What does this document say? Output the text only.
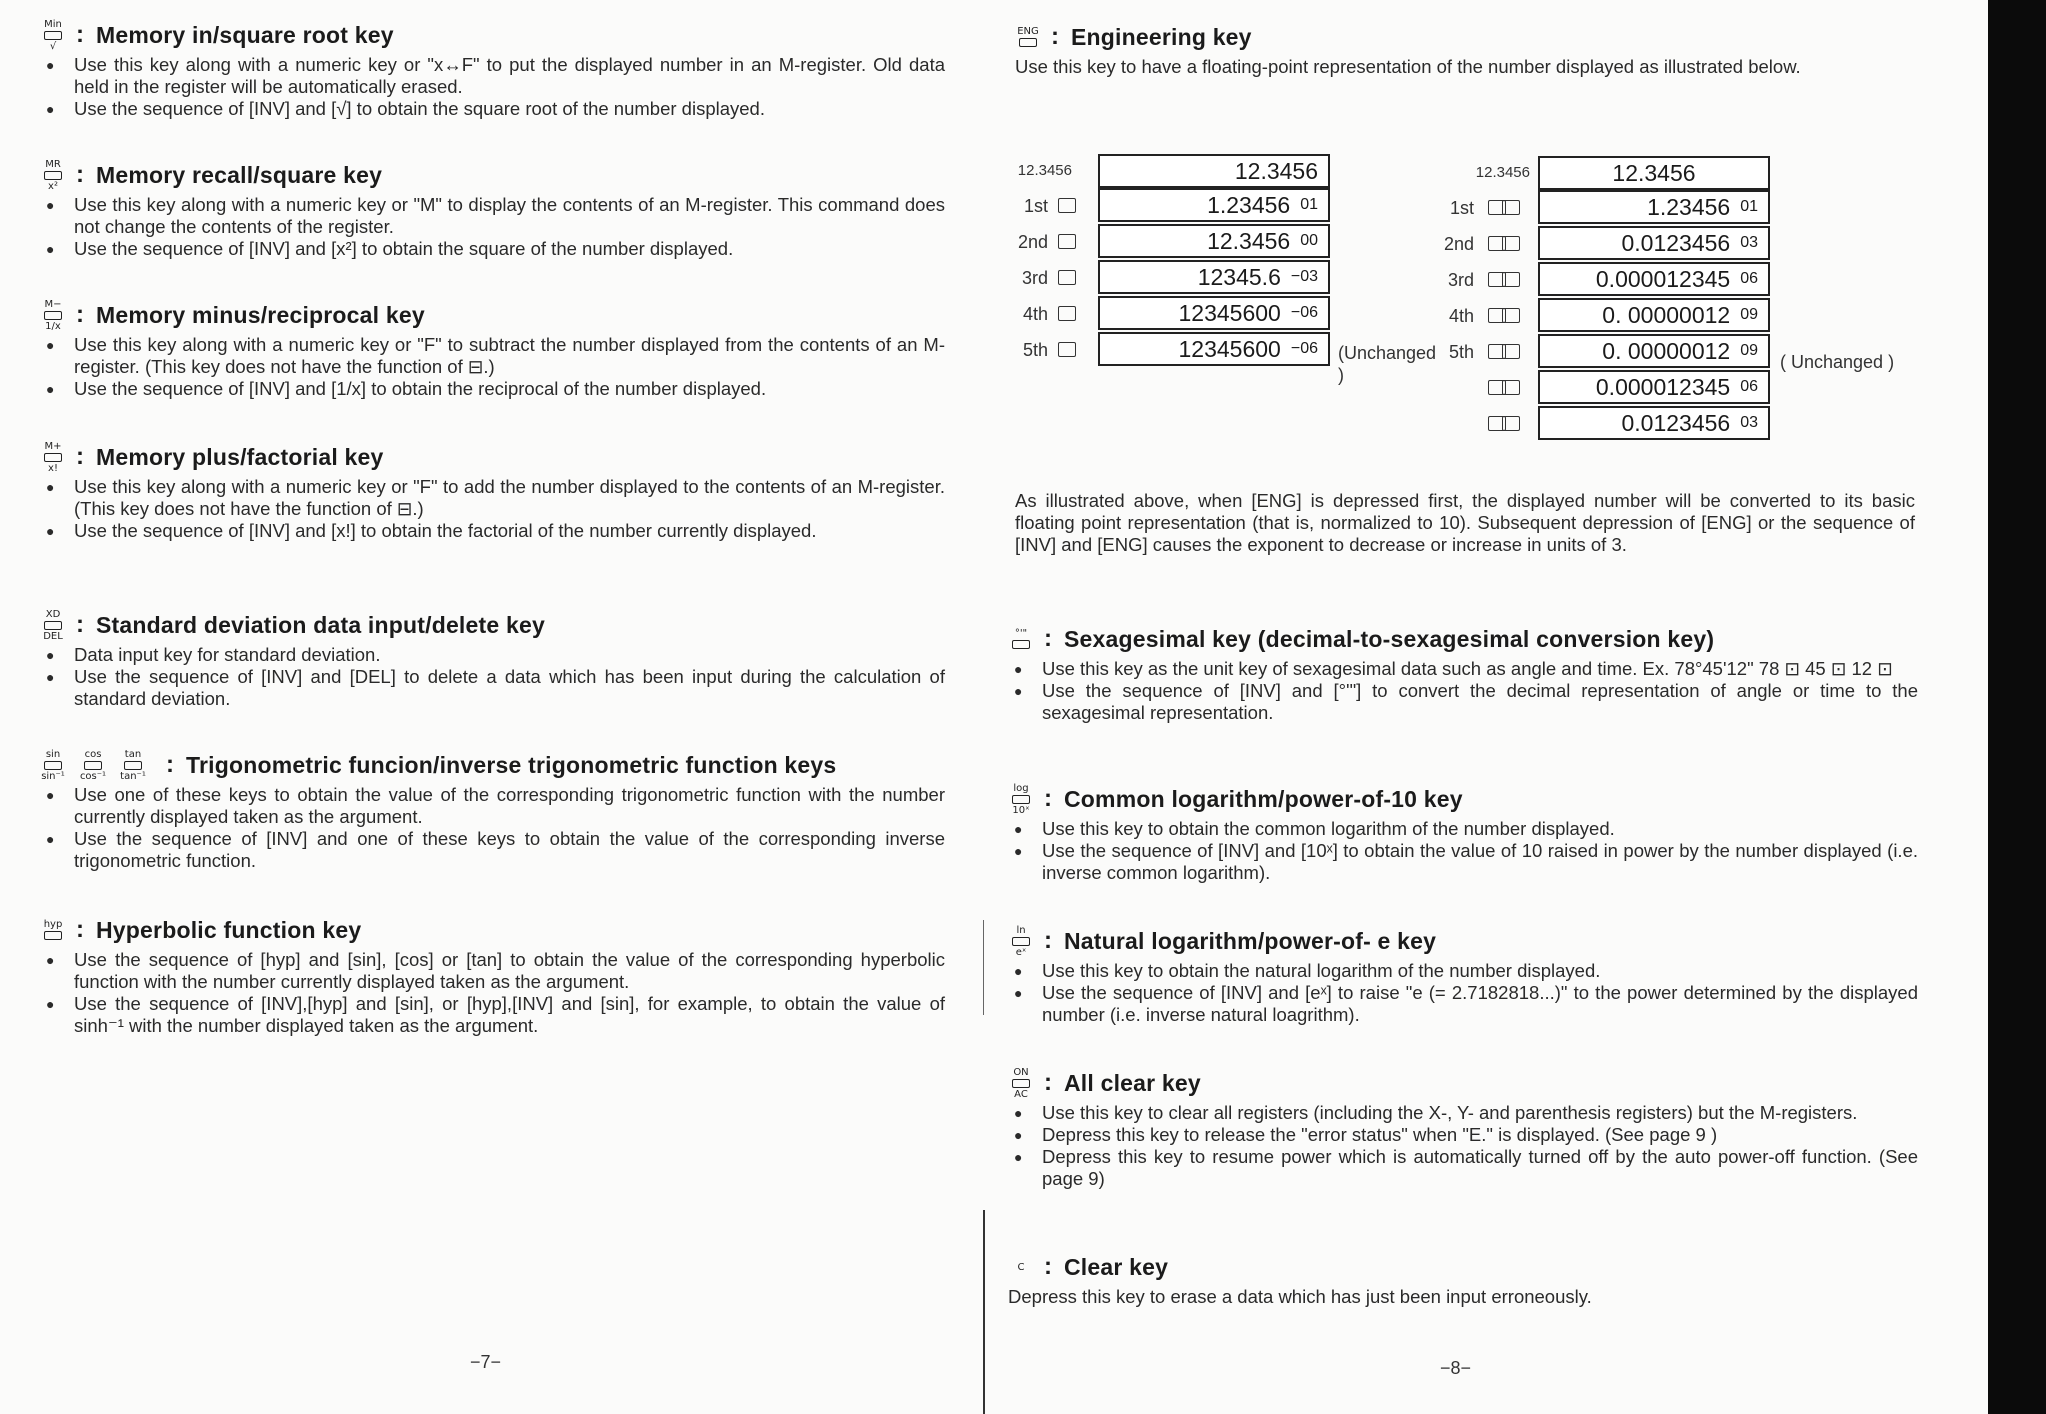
Min
√ : Memory in/square root key
● Use this key along with a numeric key or "x↔F" to put the displayed number in an M-register. Old data held in the register will be automatically erased.
● Use the sequence of [INV] and [√] to obtain the square root of the number displayed.
MR
x² : Memory recall/square key
● Use this key along with a numeric key or "M" to display the contents of an M-register. This command does not change the contents of the register.
● Use the sequence of [INV] and [x²] to obtain the square of the number displayed.
M−
1/x : Memory minus/reciprocal key
● Use this key along with a numeric key or "F" to subtract the number displayed from the contents of an M-register. (This key does not have the function of ⊟.)
● Use the sequence of [INV] and [1/x] to obtain the reciprocal of the number displayed.
M+
x! : Memory plus/factorial key
● Use this key along with a numeric key or "F" to add the number displayed to the contents of an M-register. (This key does not have the function of ⊟.)
● Use the sequence of [INV] and [x!] to obtain the factorial of the number currently displayed.
XD
DEL : Standard deviation data input/delete key
● Data input key for standard deviation.
● Use the sequence of [INV] and [DEL] to delete a data which has been input during the calculation of standard deviation.
sin
sin⁻¹
cos
cos⁻¹
tan
tan⁻¹ : Trigonometric funcion/inverse trigonometric function keys
● Use one of these keys to obtain the value of the corresponding trigonometric function with the number currently displayed taken as the argument.
● Use the sequence of [INV] and one of these keys to obtain the value of the corresponding inverse trigonometric function.
hyp : Hyperbolic function key
● Use the sequence of [hyp] and [sin], [cos] or [tan] to obtain the value of the corresponding hyperbolic function with the number currently displayed taken as the argument.
● Use the sequence of [INV],[hyp] and [sin], or [hyp],[INV] and [sin], for example, to obtain the value of sinh⁻¹ with the number displayed taken as the argument.
−7−
ENG : Engineering key

Use this key to have a floating-point representation of the number displayed as illustrated below.

12.3456	12.3456
1st	1.23456 01
2nd	12.3456 00
3rd	12345.6 −03
4th	12345600 −06
5th	12345600 −06 (Unchanged )
12.3456	12.3456
1st	1.23456 01
2nd	0.0123456 03
3rd	0.000012345 06
4th	0. 00000012 09
5th	0. 00000012 09
0.000012345 06
0.0123456 03
( Unchanged )

As illustrated above, when [ENG] is depressed first, the displayed number will be converted to its basic floating point representation (that is, normalized to 10). Subsequent depression of [ENG] or the sequence of [INV] and [ENG] causes the exponent to decrease or increase in units of 3.

°'" : Sexagesimal key (decimal-to-sexagesimal conversion key)
● Use this key as the unit key of sexagesimal data such as angle and time. Ex. 78°45'12" 78 ⊡ 45 ⊡ 12 ⊡
● Use the sequence of [INV] and [°'"] to convert the decimal representation of angle or time to the sexagesimal representation.
log
10ˣ : Common logarithm/power-of-10 key
● Use this key to obtain the common logarithm of the number displayed.
● Use the sequence of [INV] and [10ˣ] to obtain the value of 10 raised in power by the number displayed (i.e. inverse common logarithm).
ln
eˣ : Natural logarithm/power-of- e key
● Use this key to obtain the natural logarithm of the number displayed.
● Use the sequence of [INV] and [eˣ] to raise "e (= 2.7182818...)" to the power determined by the displayed number (i.e. inverse natural loagrithm).
ON
AC : All clear key
● Use this key to clear all registers (including the X-, Y- and parenthesis registers) but the M-registers.
● Depress this key to release the "error status" when "E." is displayed. (See page 9 )
● Depress this key to resume power which is automatically turned off by the auto power-off function. (See page 9)
C : Clear key

Depress this key to erase a data which has just been input erroneously.

−8−
